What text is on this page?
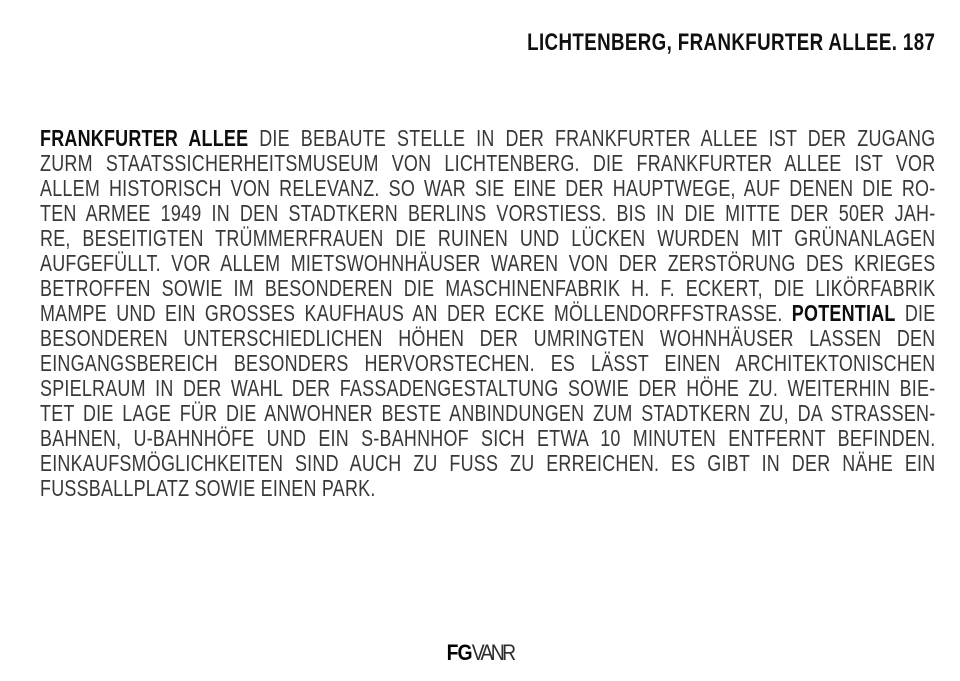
LICHTENBERG, FRANKFURTER ALLEE. 187
FRANKFURTER ALLEE DIE BEBAUTE STELLE IN DER FRANKFURTER ALLEE IST DER ZUGANG
ZURM STAATSSICHERHEITSMUSEUM VON LICHTENBERG. DIE FRANKFURTER ALLEE IST VOR
ALLEM HISTORISCH VON RELEVANZ. SO WAR SIE EINE DER HAUPTWEGE, AUF DENEN DIE RO-
TEN ARMEE 1949 IN DEN STADTKERN BERLINS VORSTIESS. BIS IN DIE MITTE DER 50ER JAH-
RE, BESEITIGTEN TRÜMMERFRAUEN DIE RUINEN UND LÜCKEN WURDEN MIT GRÜNANLAGEN
AUFGEFÜLLT. VOR ALLEM MIETSWOHNHÄUSER WAREN VON DER ZERSTÖRUNG DES KRIEGES
BETROFFEN SOWIE IM BESONDEREN DIE MASCHINENFABRIK H. F. ECKERT, DIE LIKÖRFABRIK
MAMPE UND EIN GROSSES KAUFHAUS AN DER ECKE MÖLLENDORFFSTRASSE. POTENTIAL DIE
BESONDEREN UNTERSCHIEDLICHEN HÖHEN DER UMRINGTEN WOHNHÄUSER LASSEN DEN
EINGANGSBEREICH BESONDERS HERVORSTECHEN. ES LÄSST EINEN ARCHITEKTONISCHEN
SPIELRAUM IN DER WAHL DER FASSADENGESTALTUNG SOWIE DER HÖHE ZU. WEITERHIN BIE-
TET DIE LAGE FÜR DIE ANWOHNER BESTE ANBINDUNGEN ZUM STADTKERN ZU, DA STRASSEN-
BAHNEN, U-BAHNHÖFE UND EIN S-BAHNHOF SICH ETWA 10 MINUTEN ENTFERNT BEFINDEN.
EINKAUFSMÖGLICHKEITEN SIND AUCH ZU FUSS ZU ERREICHEN. ES GIBT IN DER NÄHE EIN
FUSSBALLPLATZ SOWIE EINEN PARK.
FGVANR
